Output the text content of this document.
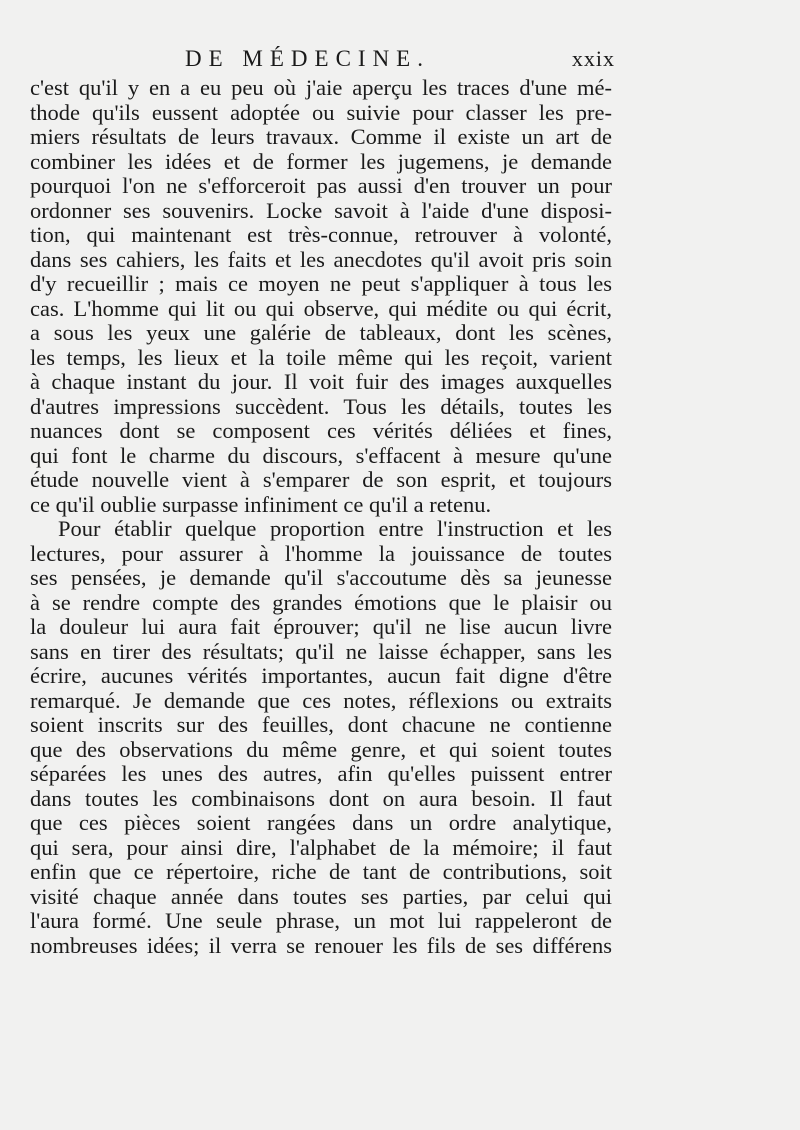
DE MÉDECINE.	xxix
c'est qu'il y en a eu peu où j'aie aperçu les traces d'une mé-
thode qu'ils eussent adoptée ou suivie pour classer les pre-
miers résultats de leurs travaux. Comme il existe un art de
combiner les idées et de former les jugemens, je demande
pourquoi l'on ne s'efforceroit pas aussi d'en trouver un pour
ordonner ses souvenirs. Locke savoit à l'aide d'une disposi-
tion, qui maintenant est très-connue, retrouver à volonté,
dans ses cahiers, les faits et les anecdotes qu'il avoit pris soin
d'y recueillir ; mais ce moyen ne peut s'appliquer à tous les
cas. L'homme qui lit ou qui observe, qui médite ou qui écrit,
a sous les yeux une galérie de tableaux, dont les scènes,
les temps, les lieux et la toile même qui les reçoit, varient
à chaque instant du jour. Il voit fuir des images auxquelles
d'autres impressions succèdent. Tous les détails, toutes les
nuances dont se composent ces vérités déliées et fines,
qui font le charme du discours, s'effacent à mesure qu'une
étude nouvelle vient à s'emparer de son esprit, et toujours
ce qu'il oublie surpasse infiniment ce qu'il a retenu.
Pour établir quelque proportion entre l'instruction et les
lectures, pour assurer à l'homme la jouissance de toutes
ses pensées, je demande qu'il s'accoutume dès sa jeunesse
à se rendre compte des grandes émotions que le plaisir ou
la douleur lui aura fait éprouver; qu'il ne lise aucun livre
sans en tirer des résultats; qu'il ne laisse échapper, sans les
écrire, aucunes vérités importantes, aucun fait digne d'être
remarqué. Je demande que ces notes, réflexions ou extraits
soient inscrits sur des feuilles, dont chacune ne contienne
que des observations du même genre, et qui soient toutes
séparées les unes des autres, afin qu'elles puissent entrer
dans toutes les combinaisons dont on aura besoin. Il faut
que ces pièces soient rangées dans un ordre analytique,
qui sera, pour ainsi dire, l'alphabet de la mémoire; il faut
enfin que ce répertoire, riche de tant de contributions, soit
visité chaque année dans toutes ses parties, par celui qui
l'aura formé. Une seule phrase, un mot lui rappeleront de
nombreuses idées; il verra se renouer les fils de ses différens
